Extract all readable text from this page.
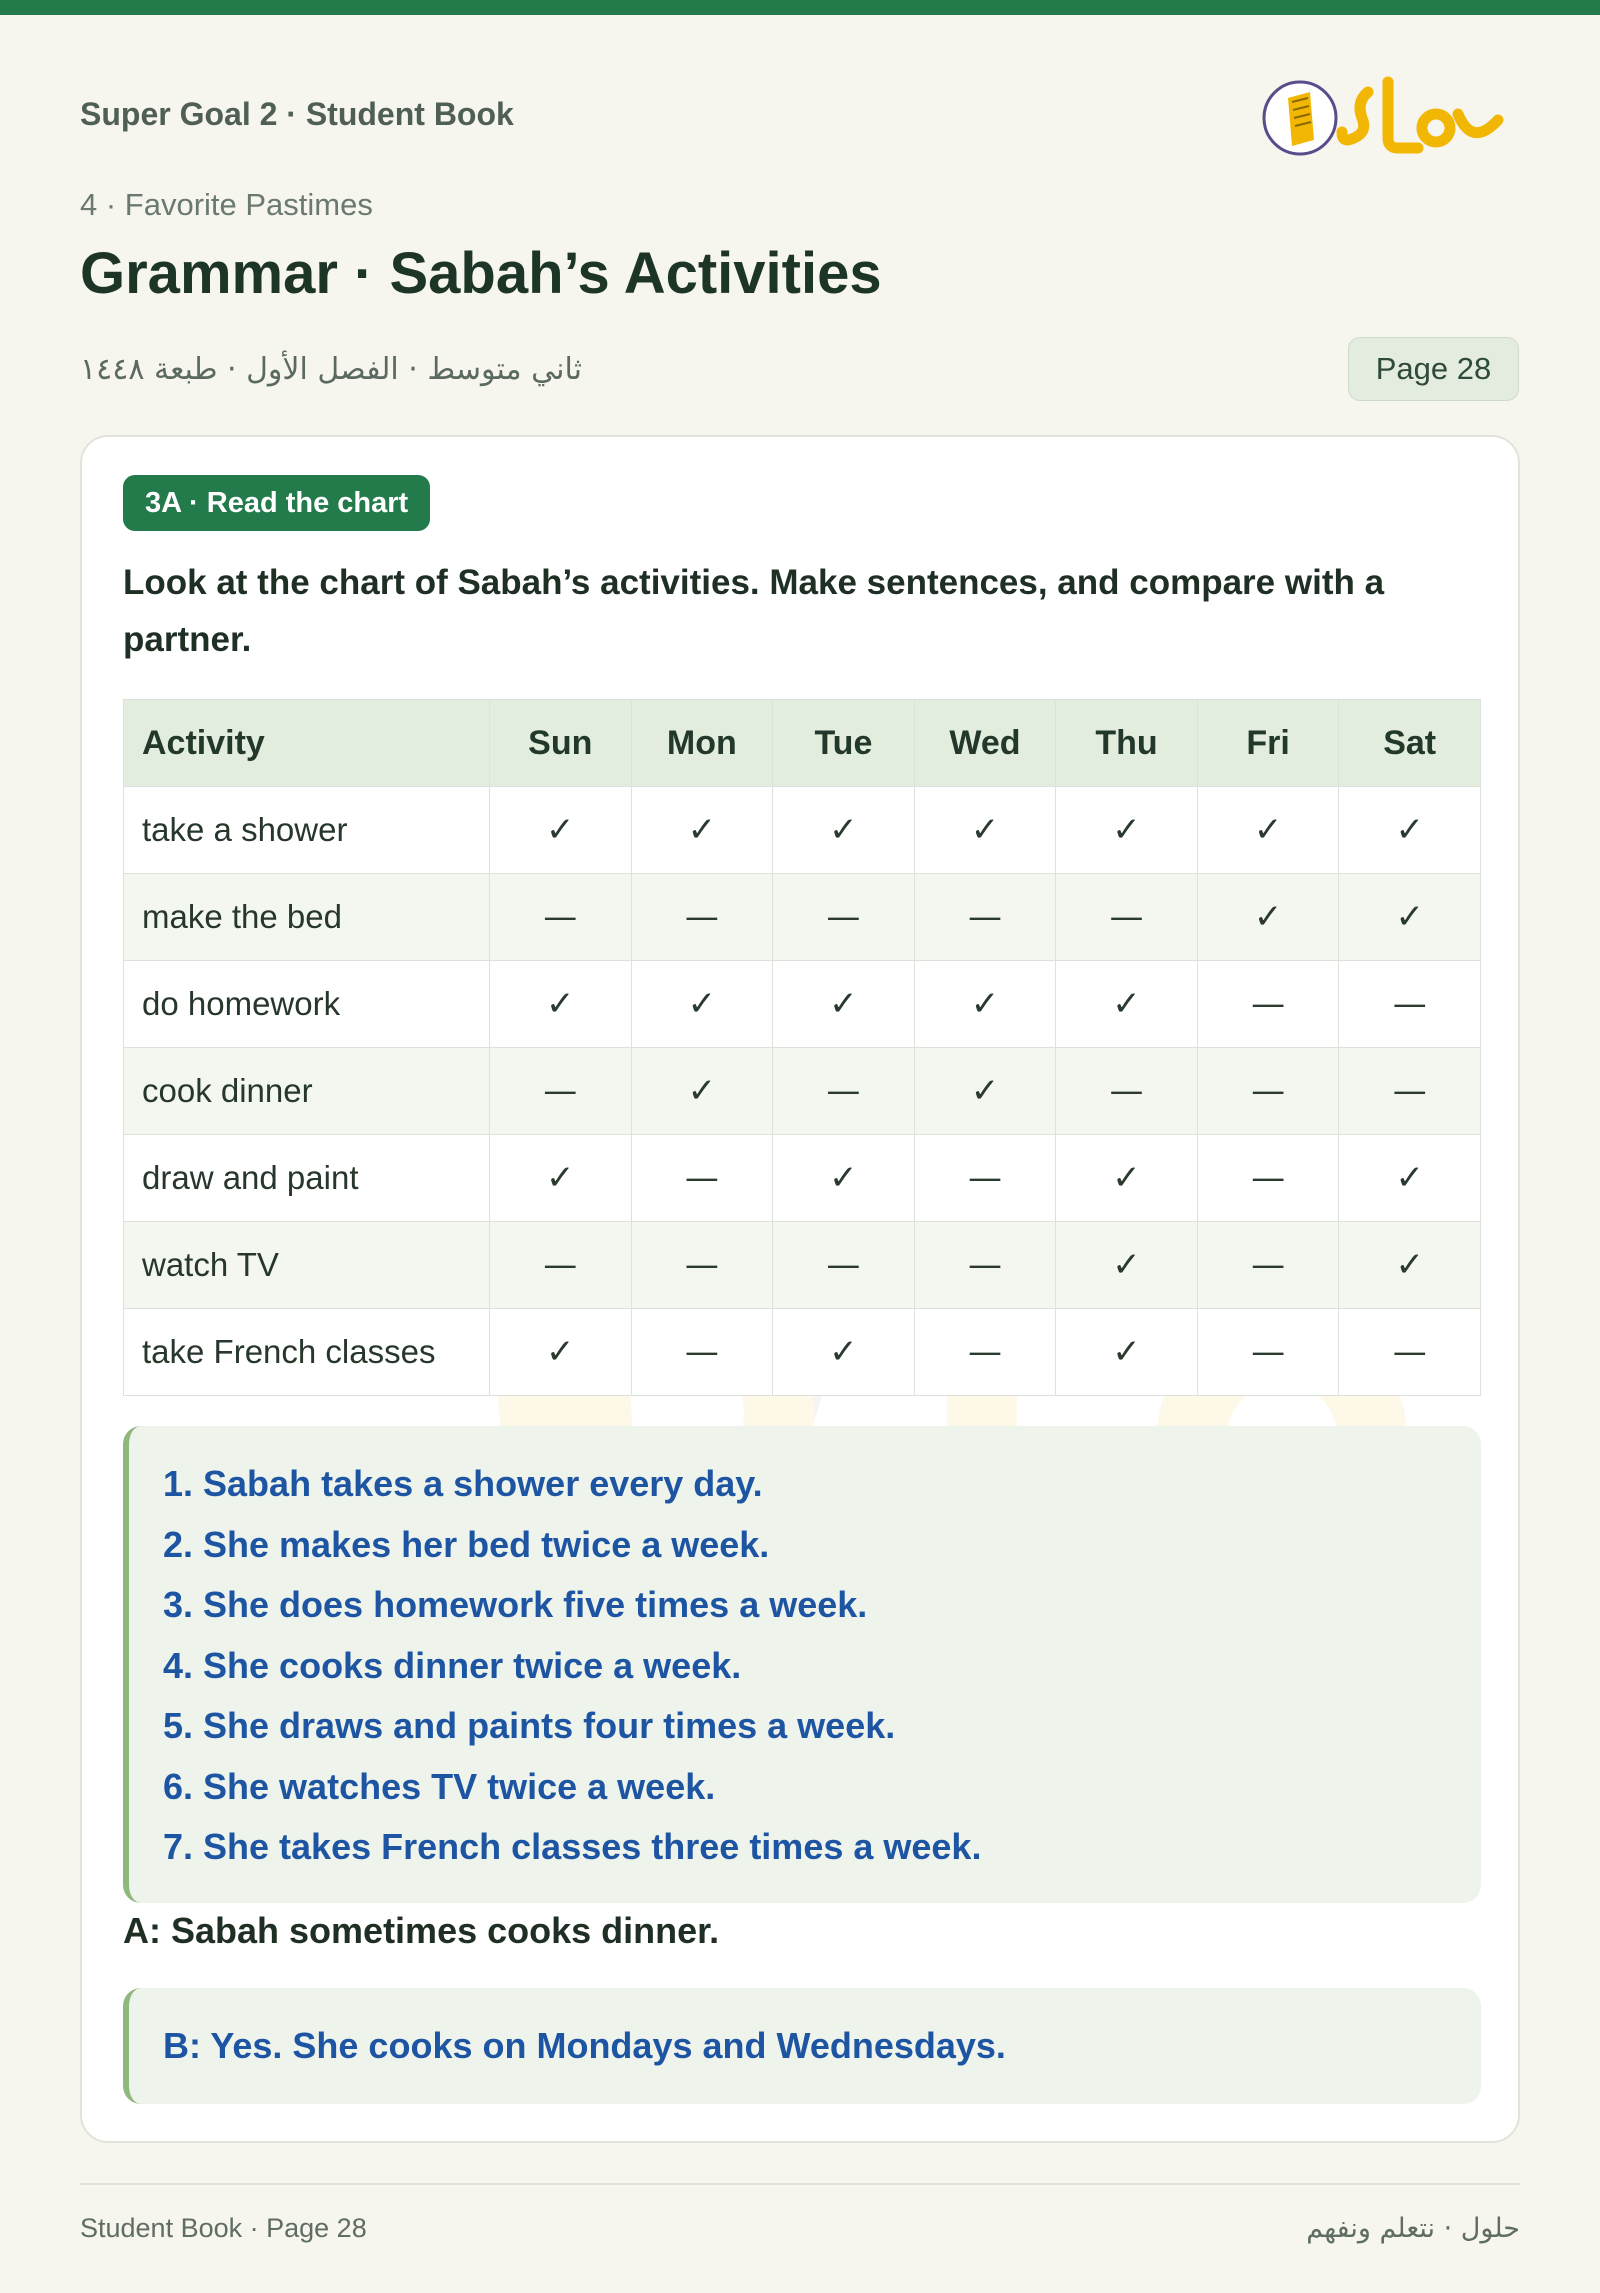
Super Goal 2 · Student Book
4 · Favorite Pastimes
Grammar · Sabah’s Activities
ثاني متوسط · الفصل الأول · طبعة ١٤٤٨	Page 28
3A · Read the chart
Look at the chart of Sabah’s activities. Make sentences, and compare with a partner.
Activity	Sun	Mon	Tue	Wed	Thu	Fri	Sat
take a shower	✓	✓	✓	✓	✓	✓	✓
make the bed	—	—	—	—	—	✓	✓
do homework	✓	✓	✓	✓	✓	—	—
cook dinner	—	✓	—	✓	—	—	—
draw and paint	✓	—	✓	—	✓	—	✓
watch TV	—	—	—	—	✓	—	✓
take French classes	✓	—	✓	—	✓	—	—
1. Sabah takes a shower every day.
2. She makes her bed twice a week.
3. She does homework five times a week.
4. She cooks dinner twice a week.
5. She draws and paints four times a week.
6. She watches TV twice a week.
7. She takes French classes three times a week.
A: Sabah sometimes cooks dinner.
B: Yes. She cooks on Mondays and Wednesdays.
Student Book · Page 28	حلول · نتعلم ونفهم
